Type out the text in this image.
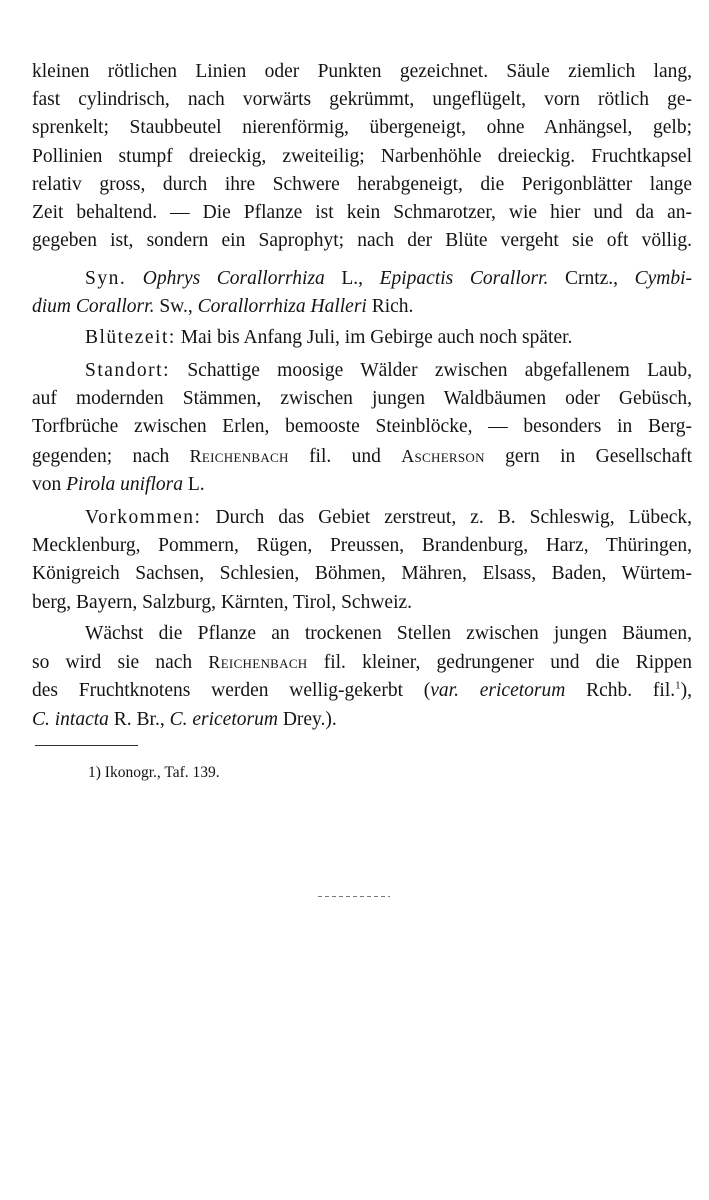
kleinen rötlichen Linien oder Punkten gezeichnet. Säule ziemlich lang,
fast cylindrisch, nach vorwärts gekrümmt, ungeflügelt, vorn rötlich ge-
sprenkelt; Staubbeutel nierenförmig, übergeneigt, ohne Anhängsel, gelb;
Pollinien stumpf dreieckig, zweiteilig; Narbenhöhle dreieckig. Fruchtkapsel
relativ gross, durch ihre Schwere herabgeneigt, die Perigonblätter lange
Zeit behaltend. — Die Pflanze ist kein Schmarotzer, wie hier und da an-
gegeben ist, sondern ein Saprophyt; nach der Blüte vergeht sie oft völlig.

Syn. Ophrys Corallorrhiza L., Epipactis Corallorr. Crntz., Cymbi-
dium Corallorr. Sw., Corallorrhiza Halleri Rich.

Blütezeit: Mai bis Anfang Juli, im Gebirge auch noch später.

Standort: Schattige moosige Wälder zwischen abgefallenem Laub,
auf modernden Stämmen, zwischen jungen Waldbäumen oder Gebüsch,
Torfbrüche zwischen Erlen, bemooste Steinblöcke, — besonders in Berg-
gegenden; nach Reichenbach fil. und Ascherson gern in Gesellschaft
von Pirola uniflora L.

Vorkommen: Durch das Gebiet zerstreut, z. B. Schleswig, Lübeck,
Mecklenburg, Pommern, Rügen, Preussen, Brandenburg, Harz, Thüringen,
Königreich Sachsen, Schlesien, Böhmen, Mähren, Elsass, Baden, Würtem-
berg, Bayern, Salzburg, Kärnten, Tirol, Schweiz.

Wächst die Pflanze an trockenen Stellen zwischen jungen Bäumen,
so wird sie nach Reichenbach fil. kleiner, gedrungener und die Rippen
des Fruchtknotens werden wellig-gekerbt (var. ericetorum Rchb. fil.$^1$),
C. intacta R. Br., C. ericetorum Drey.).

1) Ikonogr., Taf. 139.
